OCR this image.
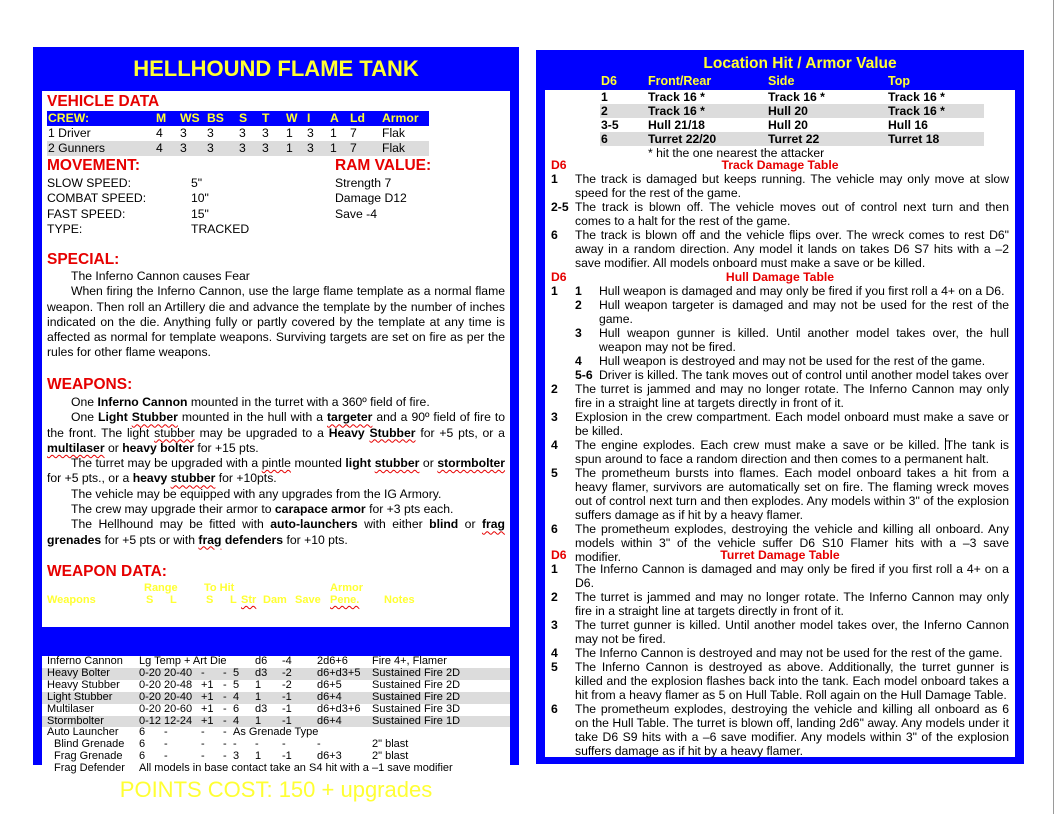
HELLHOUND FLAME TANK
VEHICLE DATA
CREW:	M	WS	BS	S	T	W	I	A	Ld	Armor
1 Driver	4	3	3	3	3	1	3	1	7	Flak
2 Gunners	4	3	3	3	3	1	3	1	7	Flak
MOVEMENT:
SLOW SPEED:	5"
COMBAT SPEED:	10"
FAST SPEED:	15"
TYPE:	TRACKED
RAM VALUE:
Strength 7
Damage D12
Save -4
SPECIAL:

The Inferno Cannon causes Fear

When firing the Inferno Cannon, use the large flame template as a normal flame weapon. Then roll an Artillery die and advance the template by the number of inches indicated on the die. Anything fully or partly covered by the template at any time is affected as normal for template weapons. Surviving targets are set on fire as per the rules for other flame weapons.

WEAPONS:

One Inferno Cannon mounted in the turret with a 360º field of fire.

One Light Stubber mounted in the hull with a targeter and a 90º field of fire to the front. The light stubber may be upgraded to a Heavy Stubber for +5 pts, or a multilaser or heavy bolter for +15 pts.

The turret may be upgraded with a pintle mounted light stubber or stormbolter for +5 pts., or a heavy stubber for +10pts.

The vehicle may be equipped with any upgrades from the IG Armory.

The crew may upgrade their armor to carapace armor for +3 pts each.

The Hellhound may be fitted with auto-launchers with either blind or frag grenades for +5 pts or with frag defenders for +10 pts.

WEAPON DATA:
Range To Hit	Armor
Weapons	S L	S L Str Dam Save Pene. Notes
Inferno Cannon	Lg Temp + Art Die					d6	-4	2d6+6	Fire 4+, Flamer
Heavy Bolter	0-20	20-40	-	-	5	d3	-2	d6+d3+5	Sustained Fire 2D
Heavy Stubber	0-20	20-48	+1	-	5	1	-2	d6+5	Sustained Fire 2D
Light Stubber	0-20	20-40	+1	-	4	1	-1	d6+4	Sustained Fire 2D
Multilaser	0-20	20-60	+1	-	6	d3	-1	d6+d3+6	Sustained Fire 3D
Stormbolter	0-12	12-24	+1	-	4	1	-1	d6+4	Sustained Fire 1D
Auto Launcher	6	-	-	-	As Grenade Type				
Blind Grenade	6	-	-	-	-	-	-	-	2" blast
Frag Grenade	6	-	-	-	3	1	-1	d6+3	2" blast
Frag Defender	All models in base contact take an S4 hit with a –1 save modifier								
POINTS COST: 150 + upgrades
Location Hit / Armor Value
D6 Front/Rear	Side	Top
1	Track 16 *	Track 16 *	Track 16 *
2	Track 16 *	Hull 20	Track 16 *
3-5	Hull 21/18	Hull 20	Hull 16
6	Turret 22/20	Turret 22	Turret 18
* hit the one nearest the attacker
D6	Track Damage Table
1	The track is damaged but keeps running. The vehicle may only move at slow speed for the rest of the game.
2-5 The track is blown off. The vehicle moves out of control next turn and then comes to a halt for the rest of the game.
6	The track is blown off and the vehicle flips over. The wreck comes to rest D6" away in a random direction. Any model it lands on takes D6 S7 hits with a –2 save modifier. All models onboard must make a save or be killed.
D6	Hull Damage Table
1	1	Hull weapon is damaged and may only be fired if you first roll a 4+ on a D6.
2	Hull weapon targeter is damaged and may not be used for the rest of the game.
3	Hull weapon gunner is killed. Until another model takes over, the hull weapon may not be fired.
4	Hull weapon is destroyed and may not be used for the rest of the game.
5-6 Driver is killed. The tank moves out of control until another model takes over
2	The turret is jammed and may no longer rotate. The Inferno Cannon may only fire in a straight line at targets directly in front of it.
3	Explosion in the crew compartment. Each model onboard must make a save or be killed.
4	The engine explodes. Each crew must make a save or be killed. The tank is spun around to face a random direction and then comes to a permanent halt.
5	The prometheum bursts into flames. Each model onboard takes a hit from a heavy flamer, survivors are automatically set on fire. The flaming wreck moves out of control next turn and then explodes. Any models within 3" of the explosion suffers damage as if hit by a heavy flamer.
6	The prometheum explodes, destroying the vehicle and killing all onboard. Any models within 3" of the vehicle suffer D6 S10 Flamer hits with a –3 save modifier.
D6	Turret Damage Table
1	The Inferno Cannon is damaged and may only be fired if you first roll a 4+ on a D6.
2	The turret is jammed and may no longer rotate. The Inferno Cannon may only fire in a straight line at targets directly in front of it.
3	The turret gunner is killed. Until another model takes over, the Inferno Cannon may not be fired.
4	The Inferno Cannon is destroyed and may not be used for the rest of the game.
5	The Inferno Cannon is destroyed as above. Additionally, the turret gunner is killed and the explosion flashes back into the tank. Each model onboard takes a hit from a heavy flamer as 5 on Hull Table. Roll again on the Hull Damage Table.
6	The prometheum explodes, destroying the vehicle and killing all onboard as 6 on the Hull Table. The turret is blown off, landing 2d6" away. Any models under it take D6 S9 hits with a –6 save modifier. Any models within 3" of the explosion suffers damage as if hit by a heavy flamer.
